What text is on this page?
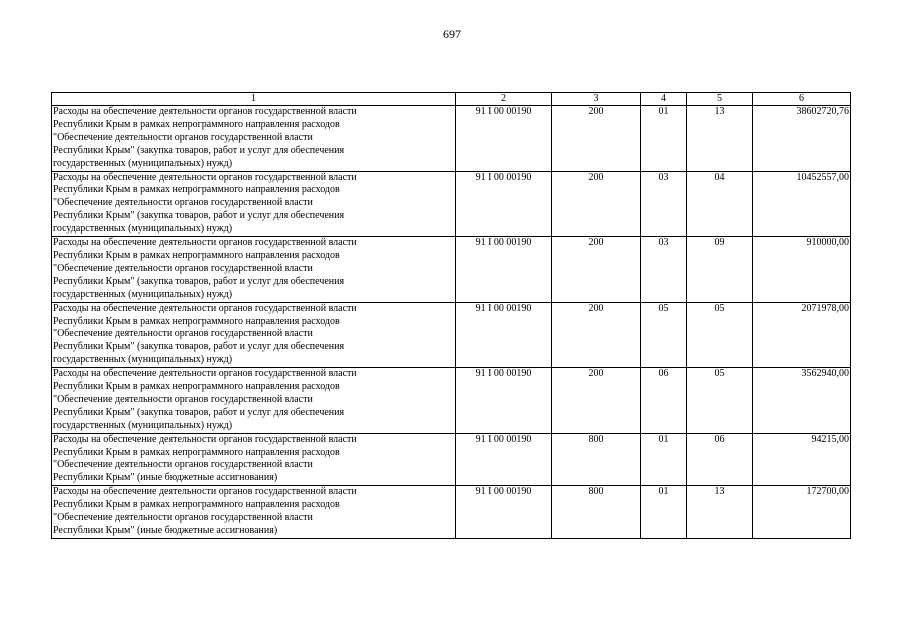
697
1	2	3	4	5	6
Расходы на обеспечение деятельности органов государственной власти
Республики Крым в рамках непрограммного направления расходов
"Обеспечение деятельности органов государственной власти
Республики Крым" (закупка товаров, работ и услуг для обеспечения
государственных (муниципальных) нужд)	91 I 00 00190	200	01	13	38602720,76
Расходы на обеспечение деятельности органов государственной власти
Республики Крым в рамках непрограммного направления расходов
"Обеспечение деятельности органов государственной власти
Республики Крым" (закупка товаров, работ и услуг для обеспечения
государственных (муниципальных) нужд)	91 I 00 00190	200	03	04	10452557,00
Расходы на обеспечение деятельности органов государственной власти
Республики Крым в рамках непрограммного направления расходов
"Обеспечение деятельности органов государственной власти
Республики Крым" (закупка товаров, работ и услуг для обеспечения
государственных (муниципальных) нужд)	91 I 00 00190	200	03	09	910000,00
Расходы на обеспечение деятельности органов государственной власти
Республики Крым в рамках непрограммного направления расходов
"Обеспечение деятельности органов государственной власти
Республики Крым" (закупка товаров, работ и услуг для обеспечения
государственных (муниципальных) нужд)	91 I 00 00190	200	05	05	2071978,00
Расходы на обеспечение деятельности органов государственной власти
Республики Крым в рамках непрограммного направления расходов
"Обеспечение деятельности органов государственной власти
Республики Крым" (закупка товаров, работ и услуг для обеспечения
государственных (муниципальных) нужд)	91 I 00 00190	200	06	05	3562940,00
Расходы на обеспечение деятельности органов государственной власти
Республики Крым в рамках непрограммного направления расходов
"Обеспечение деятельности органов государственной власти
Республики Крым" (иные бюджетные ассигнования)	91 I 00 00190	800	01	06	94215,00
Расходы на обеспечение деятельности органов государственной власти
Республики Крым в рамках непрограммного направления расходов
"Обеспечение деятельности органов государственной власти
Республики Крым" (иные бюджетные ассигнования)	91 I 00 00190	800	01	13	172700,00
